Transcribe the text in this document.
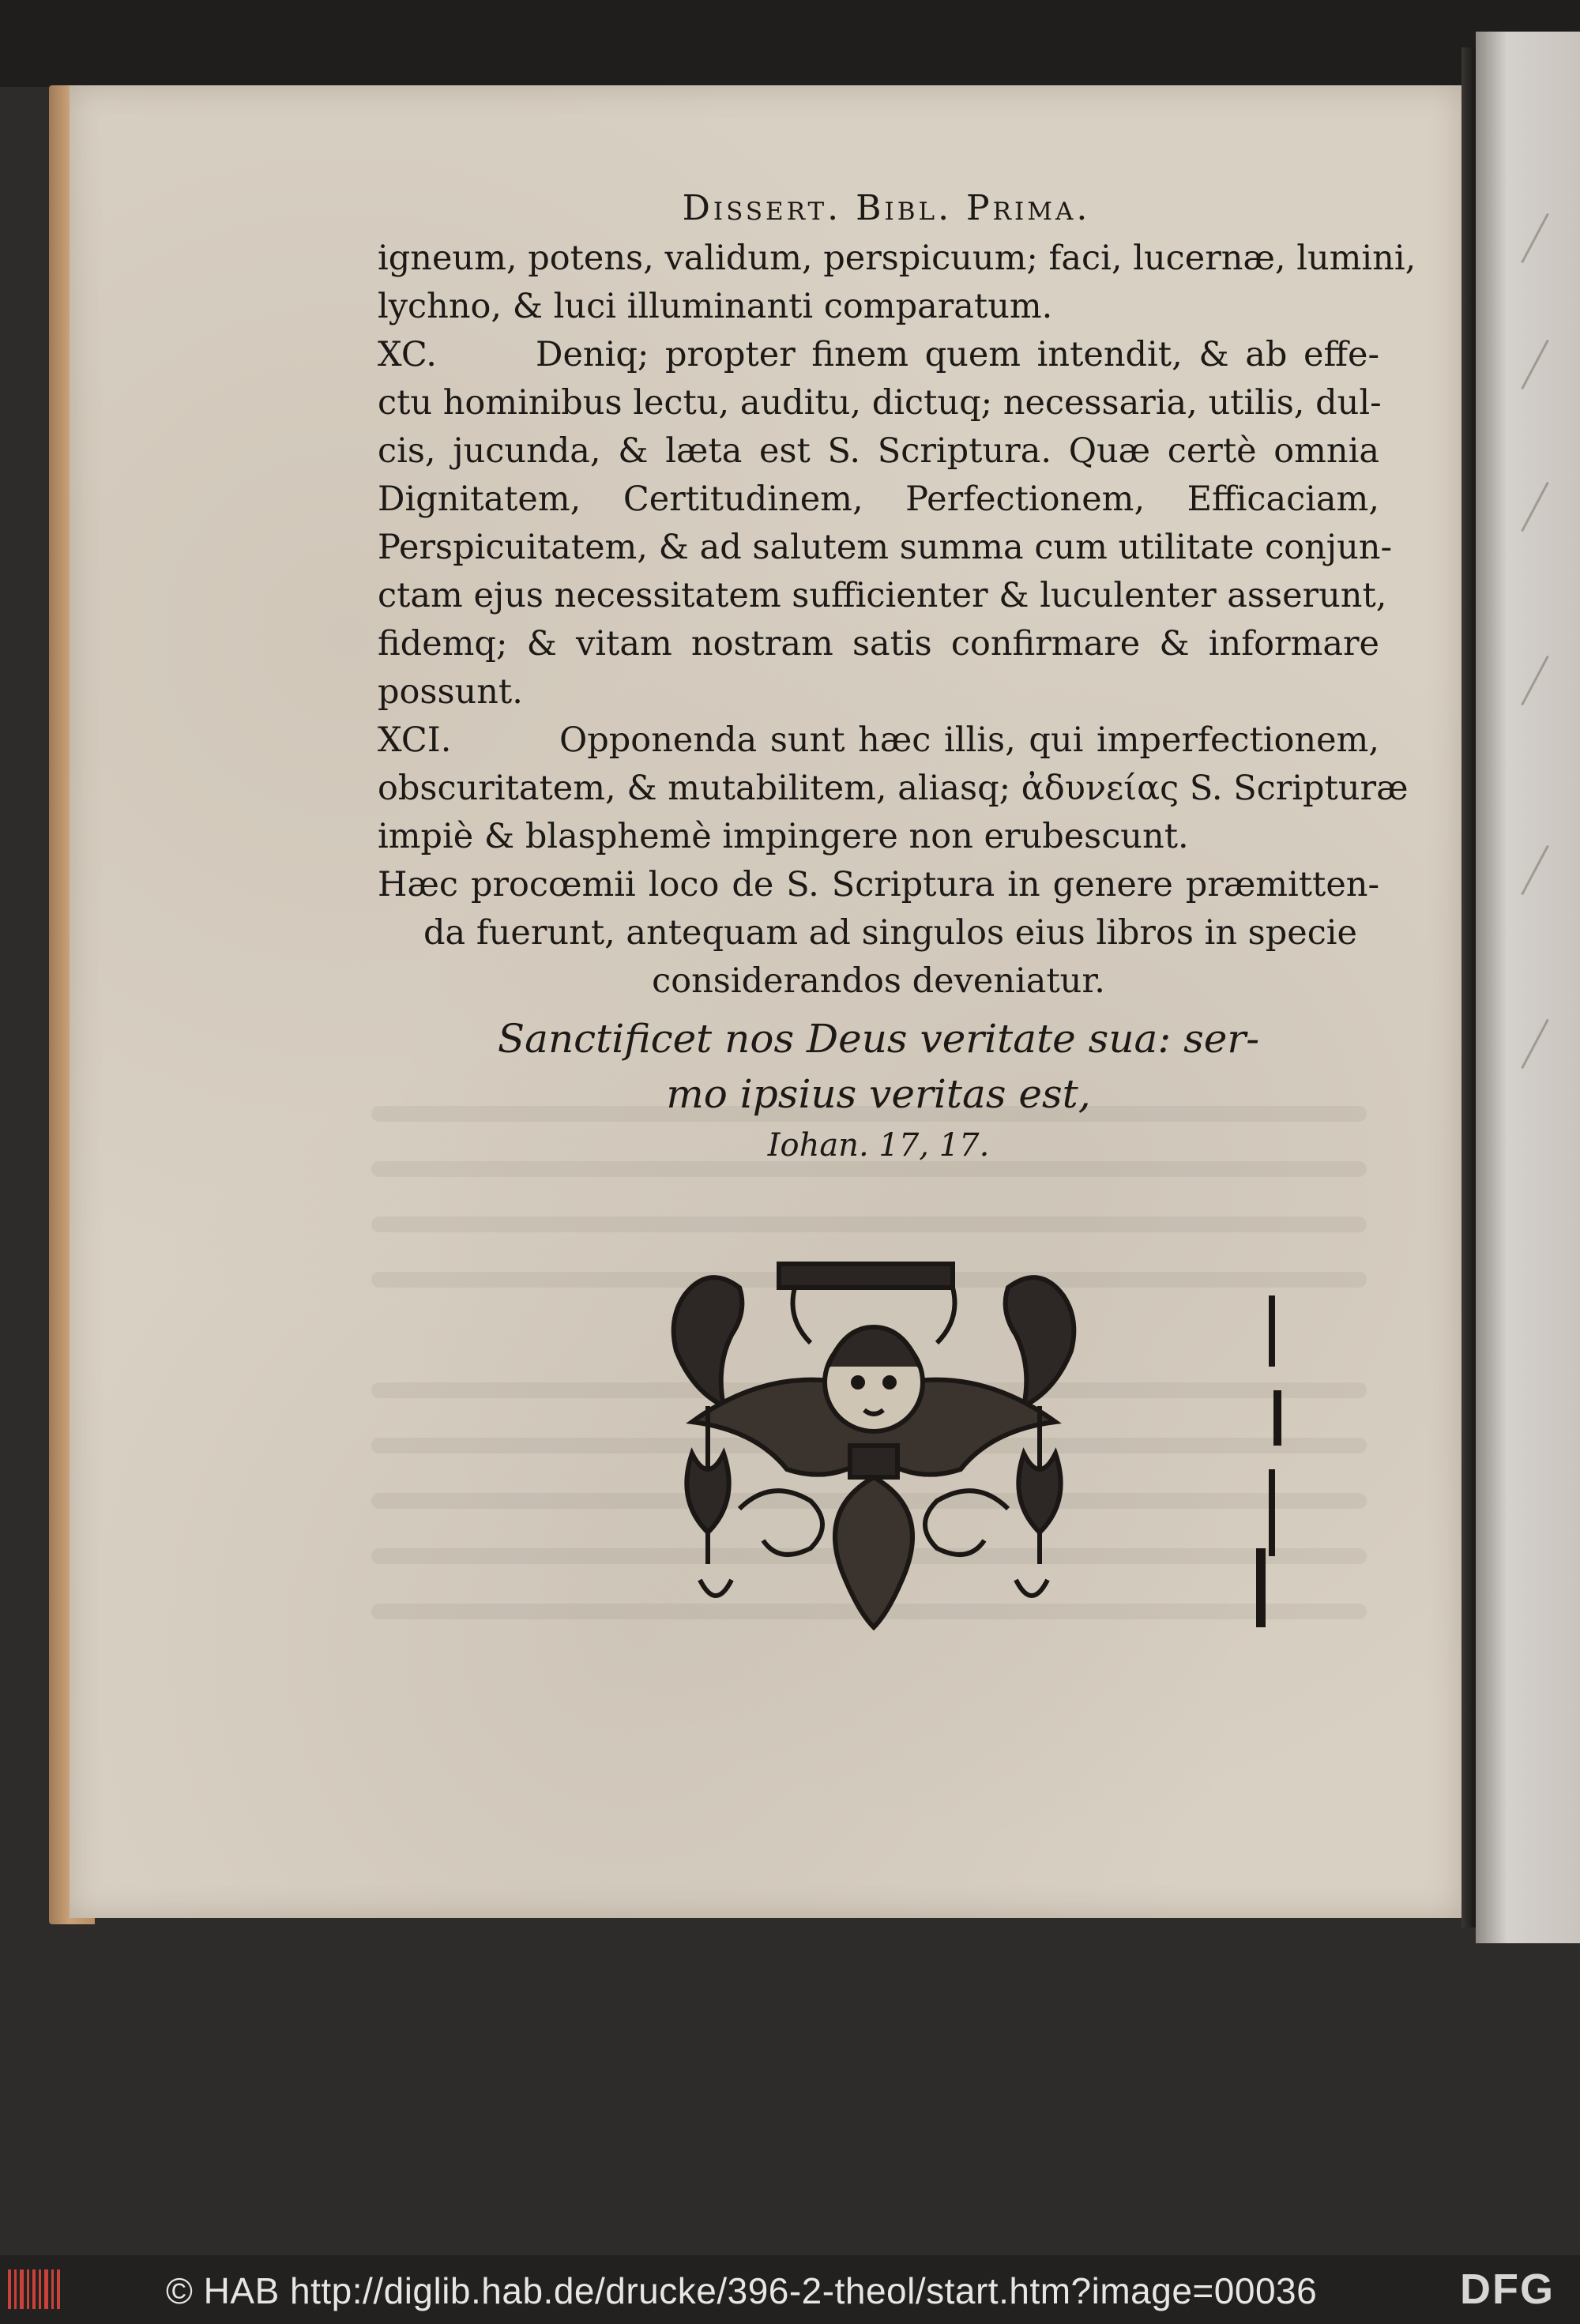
Dissert. Bibl. Prima.
igneum, potens, validum, perspicuum; faci, lucernæ, lumini,
lychno, & luci illuminanti comparatum.
XC.	Deniq; propter finem quem intendit, & ab effe-
ctu hominibus lectu, auditu, dictuq; necessaria, utilis, dul-
cis, jucunda, & læta est S. Scriptura. Quæ certè omnia
Dignitatem, Certitudinem, Perfectionem, Efficaciam,
Perspicuitatem, & ad salutem summa cum utilitate conjun-
ctam ejus necessitatem sufficienter & luculenter asserunt,
fidemq; & vitam nostram satis confirmare & informare
possunt.
XCI.	Opponenda sunt hæc illis, qui imperfectionem,
obscuritatem, & mutabilitem, aliasq; ἀδυνείας S. Scripturæ
impiè & blasphemè impingere non erubescunt.
Hæc procœmii loco de S. Scriptura in genere præmitten-
da fuerunt, antequam ad singulos eius libros in specie
considerandos deveniatur.
Sanctificet nos Deus veritate sua: ser-
mo ipsius veritas est,
Iohan. 17, 17.
© HAB http://diglib.hab.de/drucke/396-2-theol/start.htm?image=00036	DFG
